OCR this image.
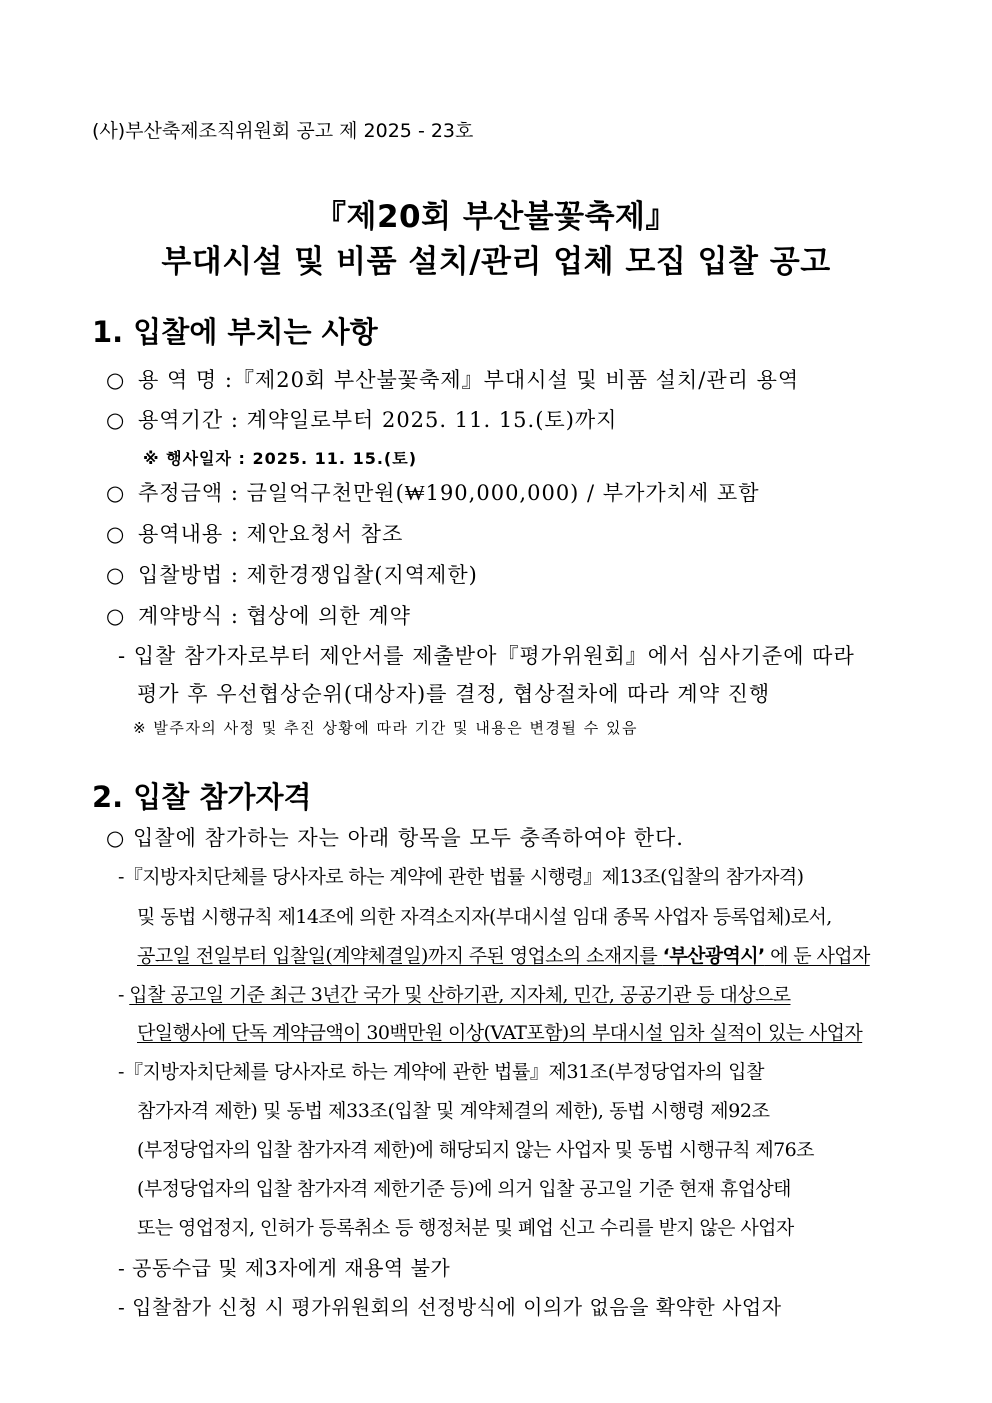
(사)부산축제조직위원회 공고 제 2025 - 23호
『제20회 부산불꽃축제』
부대시설 및 비품 설치/관리 업체 모집 입찰 공고
1. 입찰에 부치는 사항
○ 용 역 명 :『제20회 부산불꽃축제』부대시설 및 비품 설치/관리 용역
○ 용역기간 : 계약일로부터 2025. 11. 15.(토)까지
※ 행사일자 : 2025. 11. 15.(토)
○ 추정금액 : 금일억구천만원(₩190,000,000) / 부가가치세 포함
○ 용역내용 : 제안요청서 참조
○ 입찰방법 : 제한경쟁입찰(지역제한)
○ 계약방식 : 협상에 의한 계약
- 입찰 참가자로부터 제안서를 제출받아『평가위원회』에서 심사기준에 따라
평가 후 우선협상순위(대상자)를 결정, 협상절차에 따라 계약 진행
※ 발주자의 사정 및 추진 상황에 따라 기간 및 내용은 변경될 수 있음
2. 입찰 참가자격
○ 입찰에 참가하는 자는 아래 항목을 모두 충족하여야 한다.
-『지방자치단체를 당사자로 하는 계약에 관한 법률 시행령』제13조(입찰의 참가자격)
및 동법 시행규칙 제14조에 의한 자격소지자(부대시설 임대 종목 사업자 등록업체)로서,
공고일 전일부터 입찰일(계약체결일)까지 주된 영업소의 소재지를 ‘부산광역시’ 에 둔 사업자
- 입찰 공고일 기준 최근 3년간 국가 및 산하기관, 지자체, 민간, 공공기관 등 대상으로
단일행사에 단독 계약금액이 30백만원 이상(VAT포함)의 부대시설 임차 실적이 있는 사업자
-『지방자치단체를 당사자로 하는 계약에 관한 법률』제31조(부정당업자의 입찰
참가자격 제한) 및 동법 제33조(입찰 및 계약체결의 제한), 동법 시행령 제92조
(부정당업자의 입찰 참가자격 제한)에 해당되지 않는 사업자 및 동법 시행규칙 제76조
(부정당업자의 입찰 참가자격 제한기준 등)에 의거 입찰 공고일 기준 현재 휴업상태
또는 영업정지, 인허가 등록취소 등 행정처분 및 폐업 신고 수리를 받지 않은 사업자
- 공동수급 및 제3자에게 재용역 불가
- 입찰참가 신청 시 평가위원회의 선정방식에 이의가 없음을 확약한 사업자
